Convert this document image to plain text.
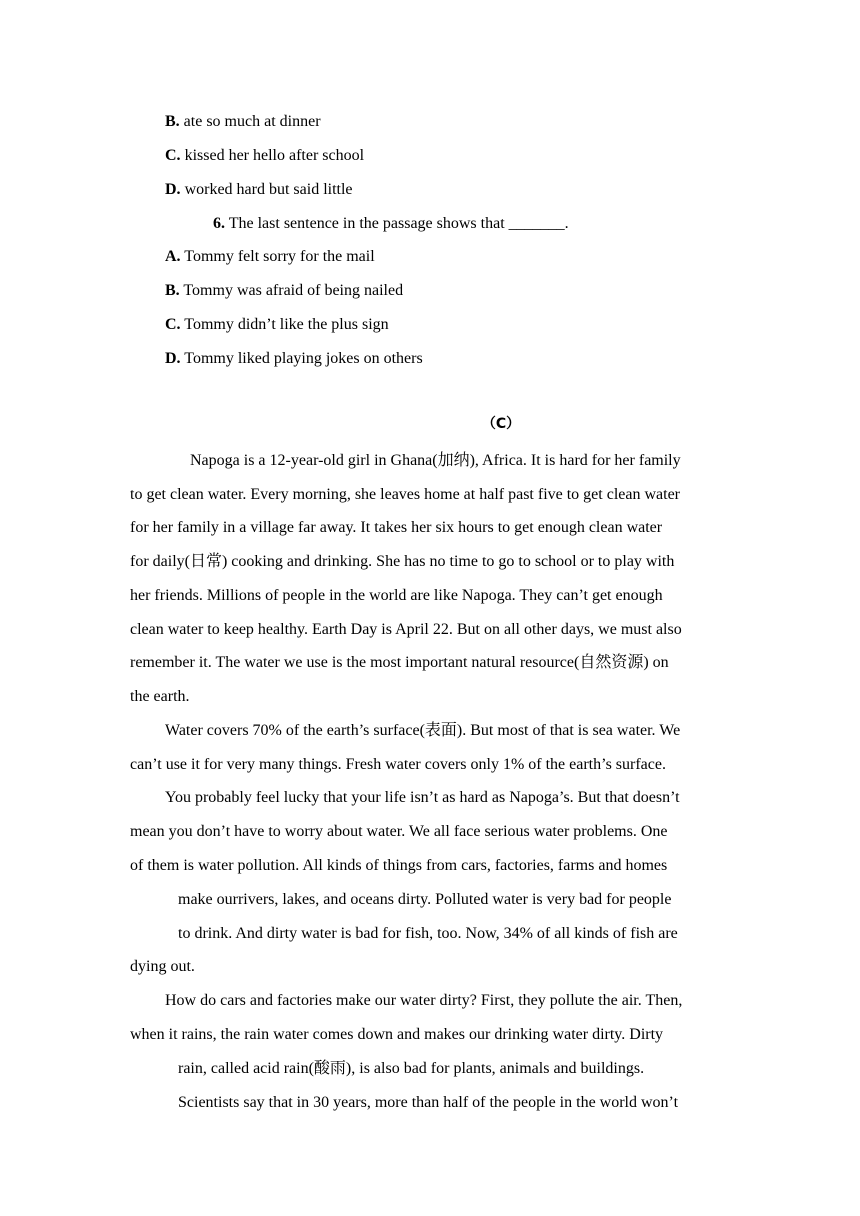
B. ate so much at dinner
C. kissed her hello after school
D. worked hard but said little
6. The last sentence in the passage shows that _______.
A. Tommy felt sorry for the mail
B. Tommy was afraid of being nailed
C. Tommy didn’t like the plus sign
D. Tommy liked playing jokes on others
（C）
Napoga is a 12-year-old girl in Ghana(加纳), Africa. It is hard for her family
to get clean water. Every morning, she leaves home at half past five to get clean water
for her family in a village far away. It takes her six hours to get enough clean water
for daily(日常) cooking and drinking. She has no time to go to school or to play with
her friends. Millions of people in the world are like Napoga. They can’t get enough
clean water to keep healthy. Earth Day is April 22. But on all other days, we must also
remember it. The water we use is the most important natural resource(自然资源) on
the earth.
Water covers 70% of the earth’s surface(表面). But most of that is sea water. We
can’t use it for very many things. Fresh water covers only 1% of the earth’s surface.
You probably feel lucky that your life isn’t as hard as Napoga’s. But that doesn’t
mean you don’t have to worry about water. We all face serious water problems. One
of them is water pollution. All kinds of things from cars, factories, farms and homes
make ourrivers, lakes, and oceans dirty. Polluted water is very bad for people
to drink. And dirty water is bad for fish, too. Now, 34% of all kinds of fish are
dying out.
How do cars and factories make our water dirty? First, they pollute the air. Then,
when it rains, the rain water comes down and makes our drinking water dirty. Dirty
rain, called acid rain(酸雨), is also bad for plants, animals and buildings.
Scientists say that in 30 years, more than half of the people in the world won’t
